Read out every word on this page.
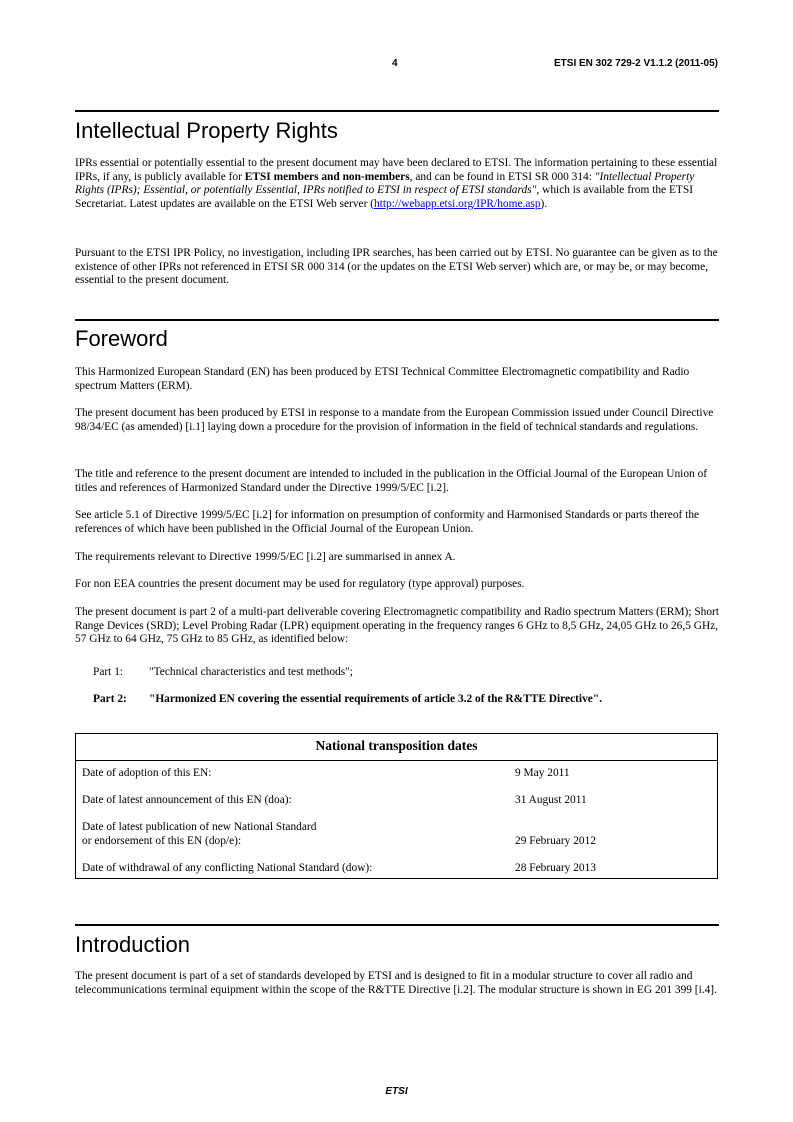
4	ETSI EN 302 729-2 V1.1.2 (2011-05)
Intellectual Property Rights

IPRs essential or potentially essential to the present document may have been declared to ETSI. The information pertaining to these essential IPRs, if any, is publicly available for ETSI members and non-members, and can be found in ETSI SR 000 314: "Intellectual Property Rights (IPRs); Essential, or potentially Essential, IPRs notified to ETSI in respect of ETSI standards", which is available from the ETSI Secretariat. Latest updates are available on the ETSI Web server (http://webapp.etsi.org/IPR/home.asp).

Pursuant to the ETSI IPR Policy, no investigation, including IPR searches, has been carried out by ETSI. No guarantee can be given as to the existence of other IPRs not referenced in ETSI SR 000 314 (or the updates on the ETSI Web server) which are, or may be, or may become, essential to the present document.

Foreword

This Harmonized European Standard (EN) has been produced by ETSI Technical Committee Electromagnetic compatibility and Radio spectrum Matters (ERM).

The present document has been produced by ETSI in response to a mandate from the European Commission issued under Council Directive 98/34/EC (as amended) [i.1] laying down a procedure for the provision of information in the field of technical standards and regulations.

The title and reference to the present document are intended to included in the publication in the Official Journal of the European Union of titles and references of Harmonized Standard under the Directive 1999/5/EC [i.2].

See article 5.1 of Directive 1999/5/EC [i.2] for information on presumption of conformity and Harmonised Standards or parts thereof the references of which have been published in the Official Journal of the European Union.

The requirements relevant to Directive 1999/5/EC [i.2] are summarised in annex A.

For non EEA countries the present document may be used for regulatory (type approval) purposes.

The present document is part 2 of a multi-part deliverable covering Electromagnetic compatibility and Radio spectrum Matters (ERM); Short Range Devices (SRD); Level Probing Radar (LPR) equipment operating in the frequency ranges 6 GHz to 8,5 GHz, 24,05 GHz to 26,5 GHz, 57 GHz to 64 GHz, 75 GHz to 85 GHz, as identified below:

Part 1: "Technical characteristics and test methods";
Part 2: "Harmonized EN covering the essential requirements of article 3.2 of the R&TTE Directive".
National transposition dates
Date of adoption of this EN:	9 May 2011
Date of latest announcement of this EN (doa):	31 August 2011
Date of latest publication of new National Standard
or endorsement of this EN (dop/e):	29 February 2012
Date of withdrawal of any conflicting National Standard (dow):	28 February 2013
Introduction

The present document is part of a set of standards developed by ETSI and is designed to fit in a modular structure to cover all radio and telecommunications terminal equipment within the scope of the R&TTE Directive [i.2]. The modular structure is shown in EG 201 399 [i.4].

ETSI
